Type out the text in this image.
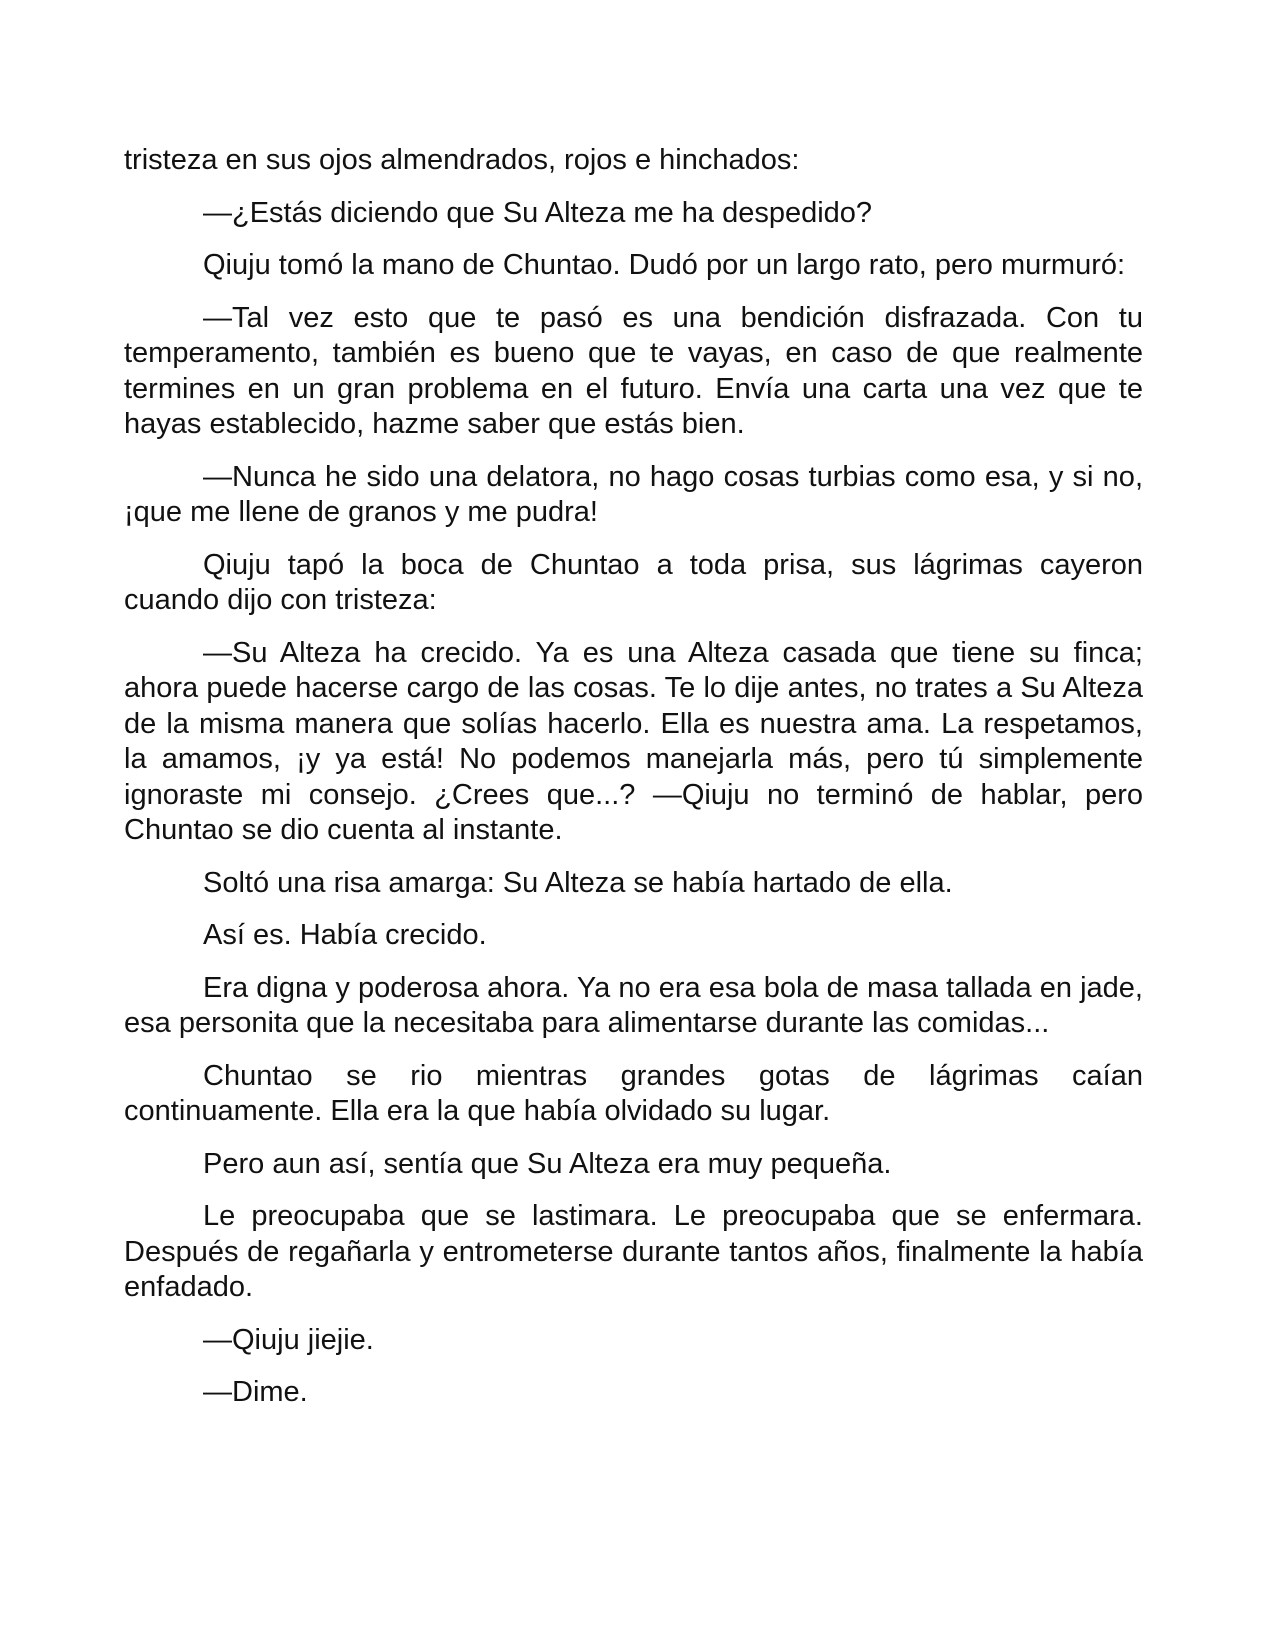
tristeza en sus ojos almendrados, rojos e hinchados:

—¿Estás diciendo que Su Alteza me ha despedido?

Qiuju tomó la mano de Chuntao. Dudó por un largo rato, pero murmuró:

—Tal vez esto que te pasó es una bendición disfrazada. Con tu temperamento, también es bueno que te vayas, en caso de que realmente termines en un gran problema en el futuro. Envía una carta una vez que te hayas establecido, hazme saber que estás bien.

—Nunca he sido una delatora, no hago cosas turbias como esa, y si no, ¡que me llene de granos y me pudra!

Qiuju tapó la boca de Chuntao a toda prisa, sus lágrimas cayeron cuando dijo con tristeza:

—Su Alteza ha crecido. Ya es una Alteza casada que tiene su finca; ahora puede hacerse cargo de las cosas. Te lo dije antes, no trates a Su Alteza de la misma manera que solías hacerlo. Ella es nuestra ama. La respetamos, la amamos, ¡y ya está! No podemos manejarla más, pero tú simplemente ignoraste mi consejo. ¿Crees que...? —Qiuju no terminó de hablar, pero Chuntao se dio cuenta al instante.

Soltó una risa amarga: Su Alteza se había hartado de ella.

Así es. Había crecido.

Era digna y poderosa ahora. Ya no era esa bola de masa tallada en jade, esa personita que la necesitaba para alimentarse durante las comidas...

Chuntao se rio mientras grandes gotas de lágrimas caían continuamente. Ella era la que había olvidado su lugar.

Pero aun así, sentía que Su Alteza era muy pequeña.

Le preocupaba que se lastimara. Le preocupaba que se enfermara. Después de regañarla y entrometerse durante tantos años, finalmente la había enfadado.

—Qiuju jiejie.

—Dime.
